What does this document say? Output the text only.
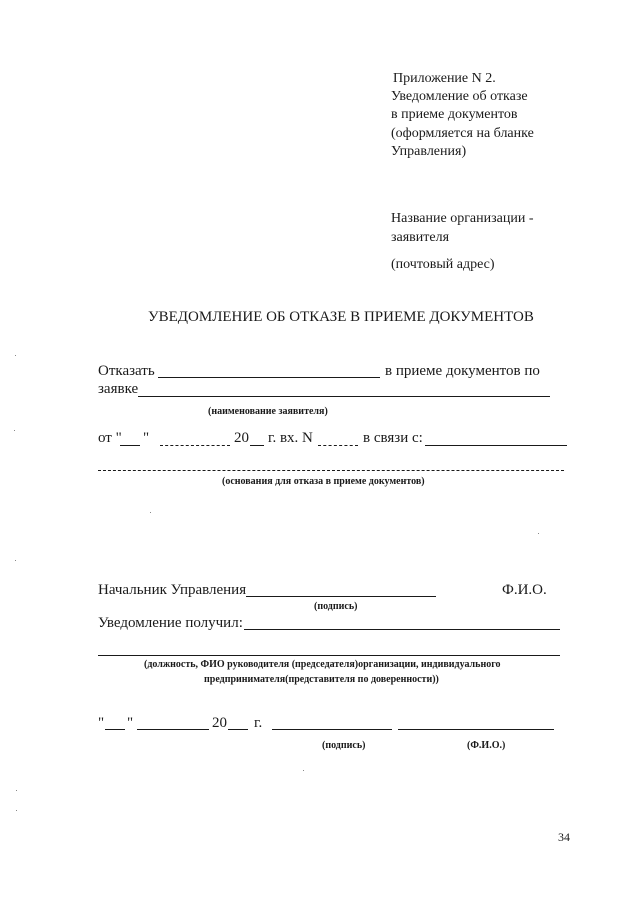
Приложение N 2.
Уведомление об отказе
в приеме документов
(оформляется на бланке
Управления)
Название организации -
заявителя
(почтовый адрес)
УВЕДОМЛЕНИЕ ОБ ОТКАЗЕ В ПРИЕМЕ ДОКУМЕНТОВ
Отказать	в приеме документов по
заявке
(наименование заявителя)
от " "	20 г. вх. N	в связи с:
(основания для отказа в приеме документов)
Начальник Управления	Ф.И.О.
(подпись)
Уведомление получил:
(должность, ФИО руководителя (председателя)организации, индивидуального
предпринимателя(представителя по доверенности))
" "	20 г.
(подпись)	(Ф.И.О.)
34
